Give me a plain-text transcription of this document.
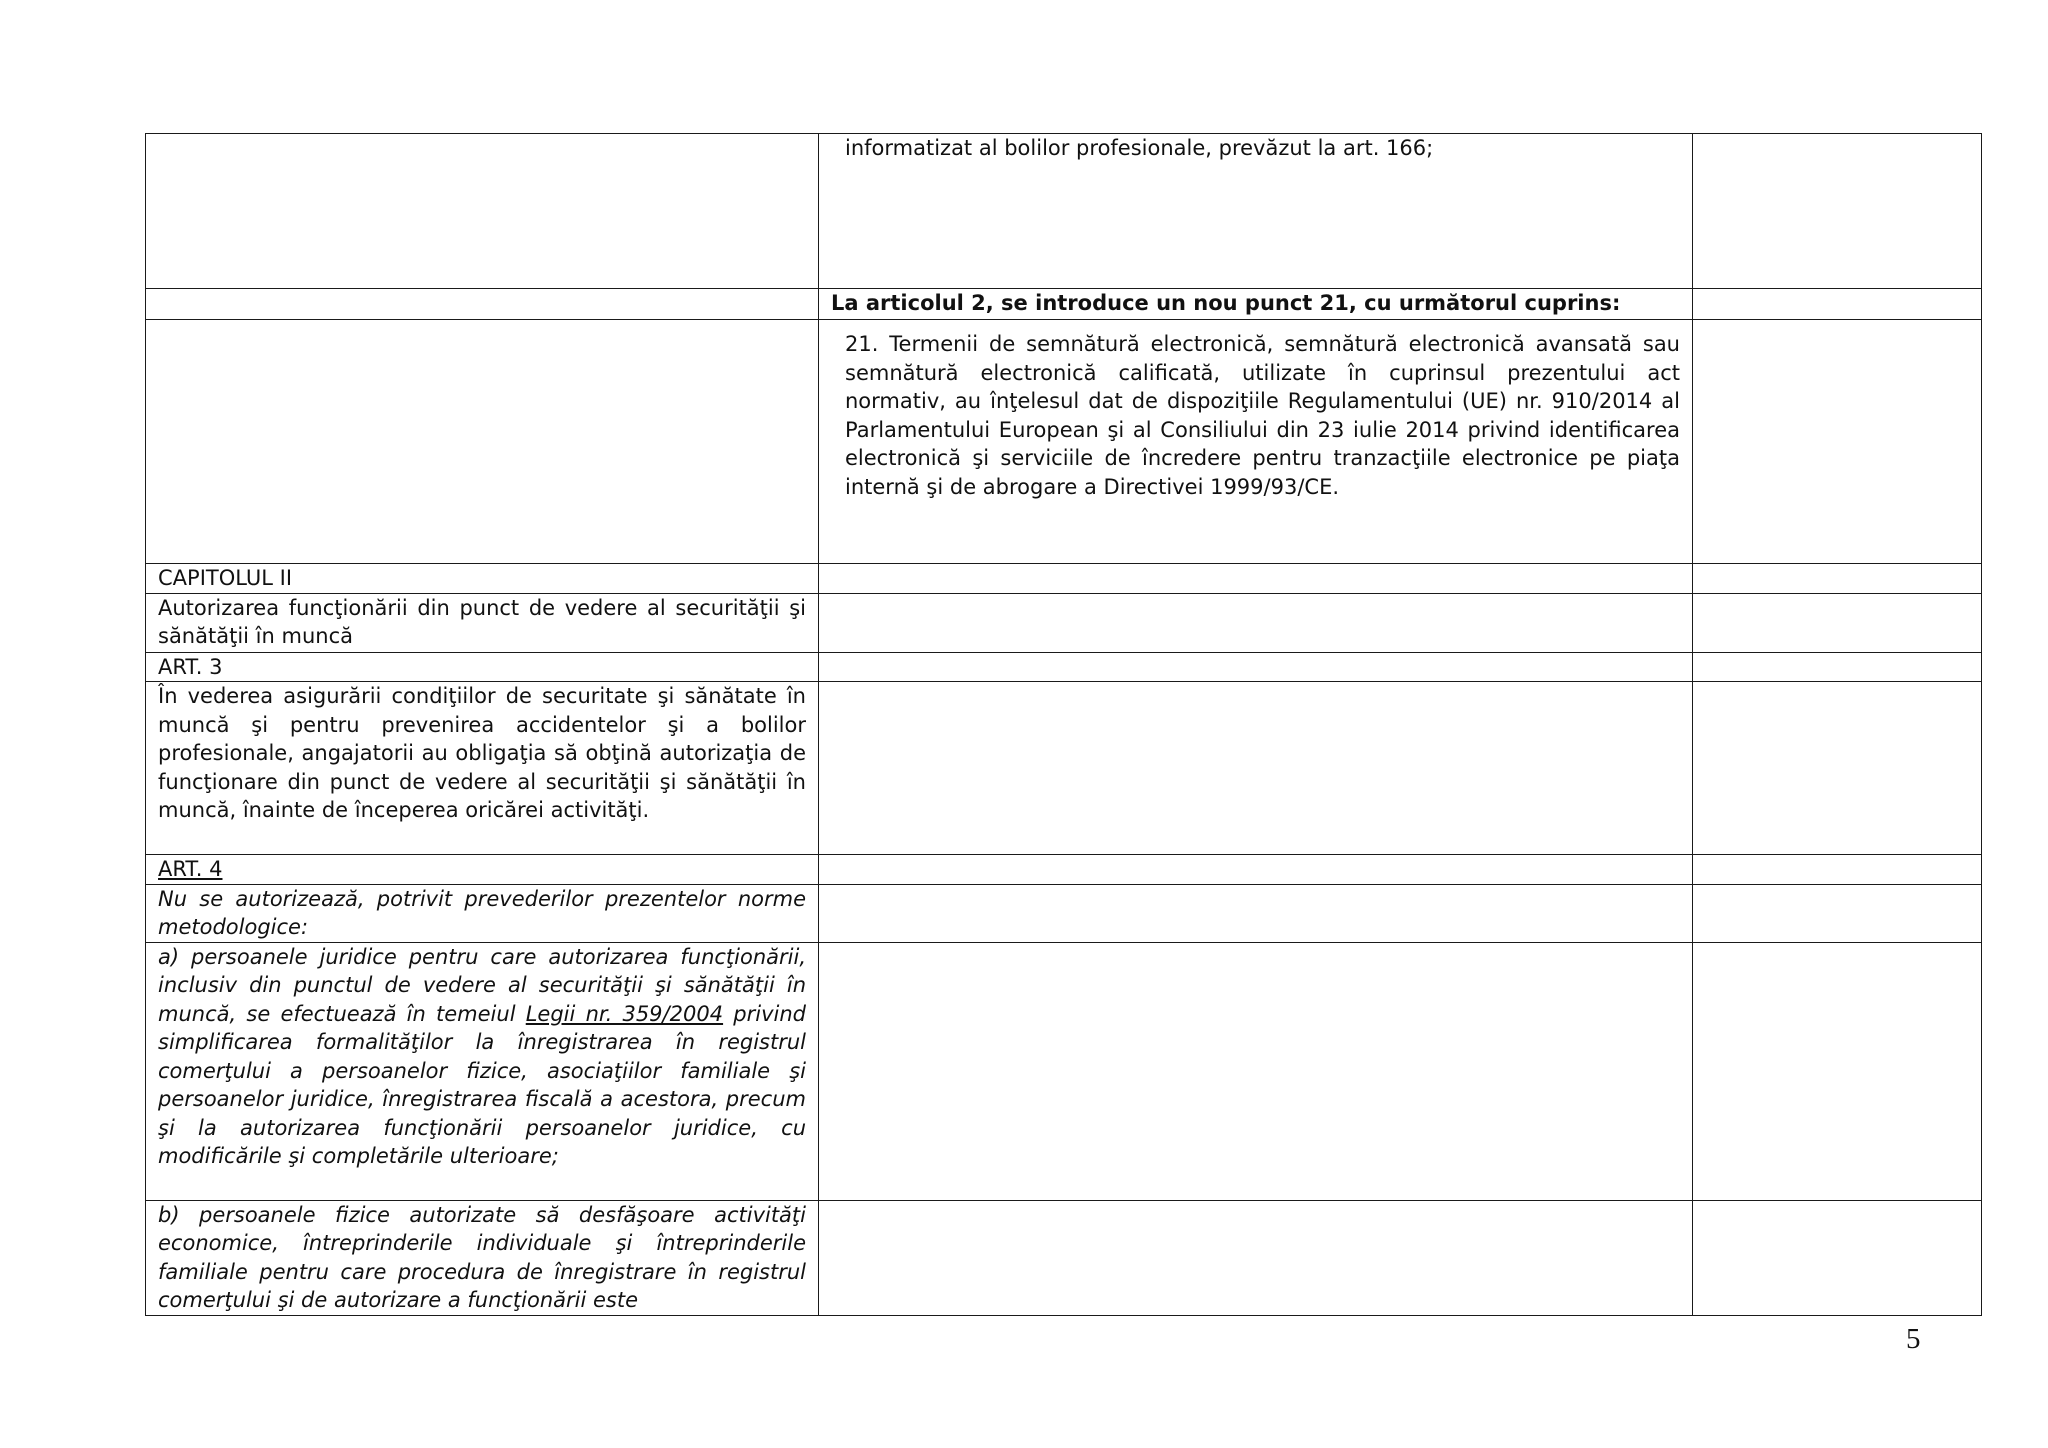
	informatizat al bolilor profesionale, prevăzut la art. 166;	
	La articolul 2, se introduce un nou punct 21, cu următorul cuprins:	
	21. Termenii de semnătură electronică, semnătură electronică avansată sau semnătură electronică calificată, utilizate în cuprinsul prezentului act normativ, au înţelesul dat de dispoziţiile Regulamentului (UE) nr. 910/2014 al Parlamentului European şi al Consiliului din 23 iulie 2014 privind identificarea electronică şi serviciile de încredere pentru tranzacţiile electronice pe piaţa internă şi de abrogare a Directivei 1999/93/CE.	
CAPITOLUL II		
Autorizarea funcţionării din punct de vedere al securităţii şi sănătăţii în muncă		
ART. 3		
În vederea asigurării condiţiilor de securitate şi sănătate în muncă şi pentru prevenirea accidentelor şi a bolilor profesionale, angajatorii au obligaţia să obţină autorizaţia de funcţionare din punct de vedere al securităţii şi sănătăţii în muncă, înainte de începerea oricărei activităţi.		
ART. 4		
Nu se autorizează, potrivit prevederilor prezentelor norme metodologice:		
a) persoanele juridice pentru care autorizarea funcţionării, inclusiv din punctul de vedere al securităţii şi sănătăţii în muncă, se efectuează în temeiul Legii nr. 359/2004 privind simplificarea formalităţilor la înregistrarea în registrul comerţului a persoanelor fizice, asociaţiilor familiale şi persoanelor juridice, înregistrarea fiscală a acestora, precum şi la autorizarea funcţionării persoanelor juridice, cu modificările şi completările ulterioare;		
b) persoanele fizice autorizate să desfăşoare activităţi economice, întreprinderile individuale şi întreprinderile familiale pentru care procedura de înregistrare în registrul comerţului şi de autorizare a funcţionării este		
5
